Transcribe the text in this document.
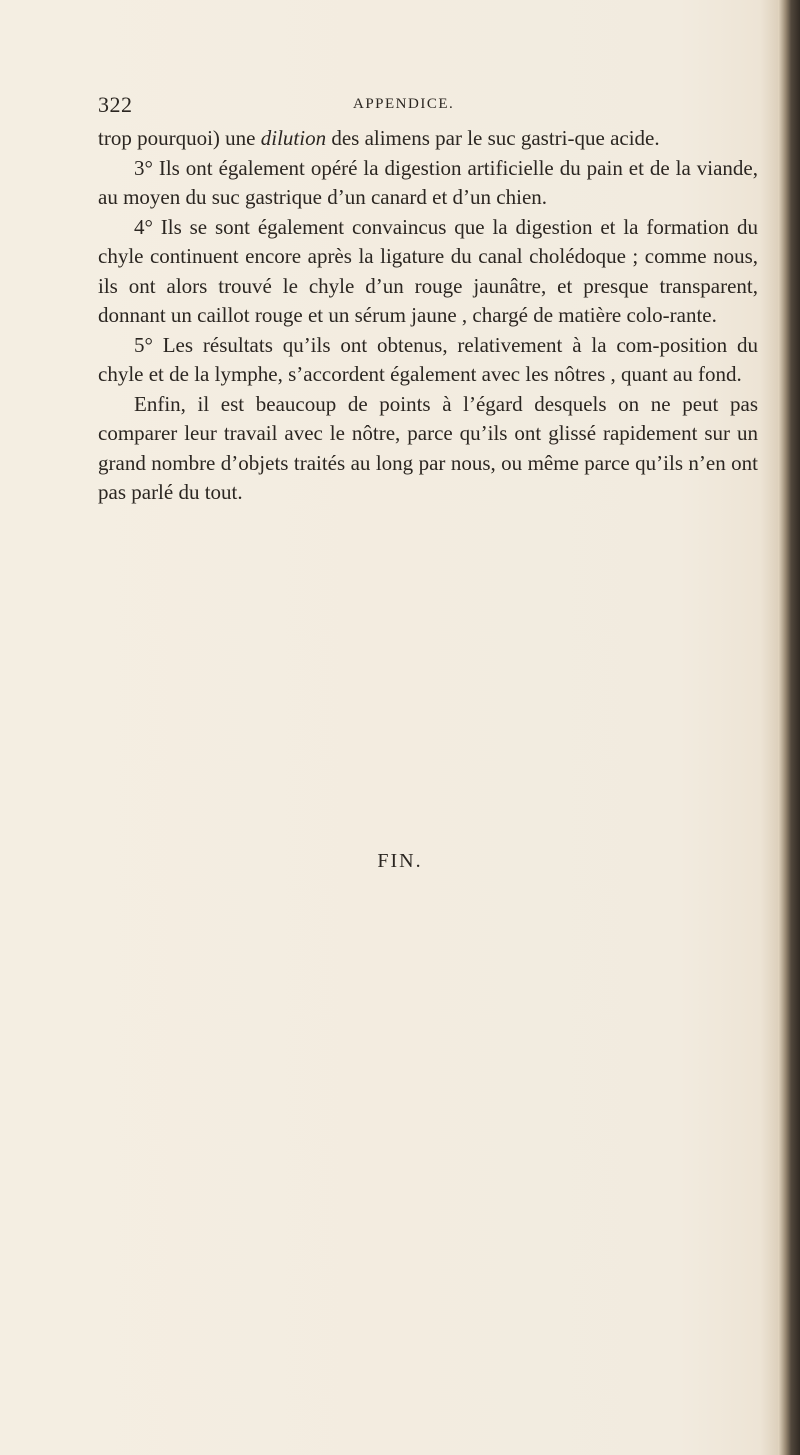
322	APPENDICE.

trop pourquoi) une dilution des alimens par le suc gastri-que acide.

3° Ils ont également opéré la digestion artificielle du pain et de la viande, au moyen du suc gastrique d’un canard et d’un chien.

4° Ils se sont également convaincus que la digestion et la formation du chyle continuent encore après la ligature du canal cholédoque ; comme nous, ils ont alors trouvé le chyle d’un rouge jaunâtre, et presque transparent, donnant un caillot rouge et un sérum jaune , chargé de matière colo-rante.

5° Les résultats qu’ils ont obtenus, relativement à la com-position du chyle et de la lymphe, s’accordent également avec les nôtres , quant au fond.

Enfin, il est beaucoup de points à l’égard desquels on ne peut pas comparer leur travail avec le nôtre, parce qu’ils ont glissé rapidement sur un grand nombre d’objets traités au long par nous, ou même parce qu’ils n’en ont pas parlé du tout.

FIN.
